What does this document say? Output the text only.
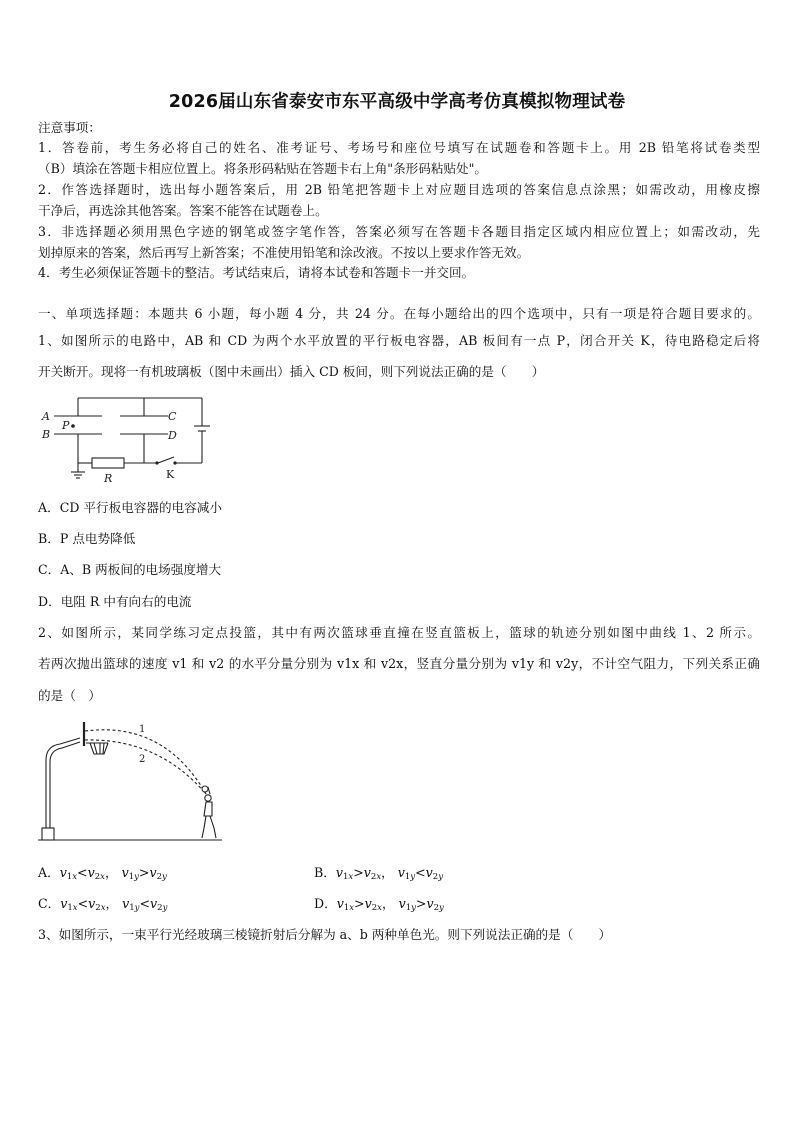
2026届山东省泰安市东平高级中学高考仿真模拟物理试卷
注意事项：
1．答卷前，考生务必将自己的姓名、准考证号、考场号和座位号填写在试题卷和答题卡上。用 2B 铅笔将试卷类型
（B）填涂在答题卡相应位置上。将条形码粘贴在答题卡右上角"条形码粘贴处"。
2．作答选择题时，选出每小题答案后，用 2B 铅笔把答题卡上对应题目选项的答案信息点涂黑；如需改动，用橡皮擦
干净后，再选涂其他答案。答案不能答在试题卷上。
3．非选择题必须用黑色字迹的钢笔或签字笔作答，答案必须写在答题卡各题目指定区域内相应位置上；如需改动，先
划掉原来的答案，然后再写上新答案；不准使用铅笔和涂改液。不按以上要求作答无效。
4．考生必须保证答题卡的整洁。考试结束后，请将本试卷和答题卡一并交回。
一、单项选择题：本题共 6 小题，每小题 4 分，共 24 分。在每小题给出的四个选项中，只有一项是符合题目要求的。
1、如图所示的电路中，AB 和 CD 为两个水平放置的平行板电容器，AB 板间有一点 P，闭合开关 K，待电路稳定后将
开关断开。现将一有机玻璃板（图中未画出）插入 CD 板间，则下列说法正确的是（　　）
A
B
P
C
D
R	K
A．CD 平行板电容器的电容减小
B．P 点电势降低
C．A、B 两板间的电场强度增大
D．电阻 R 中有向右的电流
2、如图所示，某同学练习定点投篮，其中有两次篮球垂直撞在竖直篮板上，篮球的轨迹分别如图中曲线 1、2 所示。
若两次抛出篮球的速度 v1 和 v2 的水平分量分别为 v1x 和 v2x，竖直分量分别为 v1y 和 v2y，不计空气阻力，下列关系正确
的是（　）
1
2
A．$v_{1x}<v_{2x}$， $v_{1y}>v_{2y}$	B．$v_{1x}>v_{2x}$， $v_{1y}<v_{2y}$
C．$v_{1x}<v_{2x}$， $v_{1y}<v_{2y}$	D．$v_{1x}>v_{2x}$， $v_{1y}>v_{2y}$
3、如图所示，一束平行光经玻璃三棱镜折射后分解为 a、b 两种单色光。则下列说法正确的是（　　）
